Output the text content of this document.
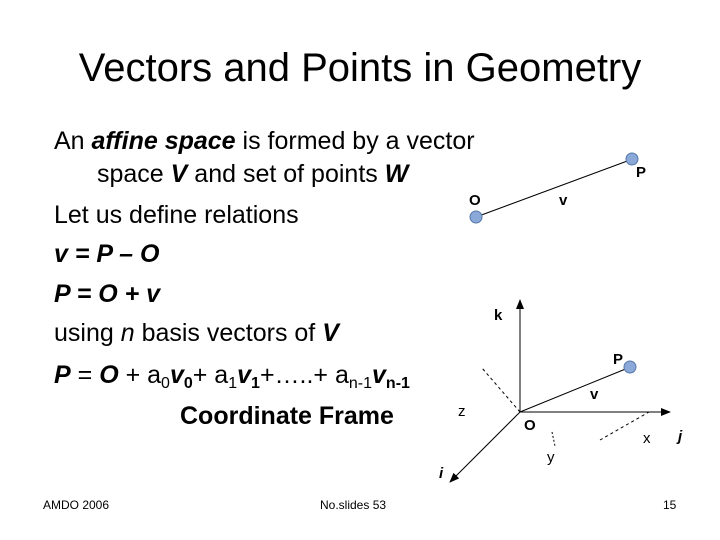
Vectors and Points in Geometry
An affine space is formed by a vector
space V and set of points W
Let us define relations
v = P – O
P = O + v
using n basis vectors of V
$P = O + a_0v_0+$ $a_1v_1+\dots..+ a_{n-1}v_{n-1}$
Coordinate Frame
O	v
P
k
P
v
z
O
x j
y
i
AMDO 2006	No.slides 53	15
